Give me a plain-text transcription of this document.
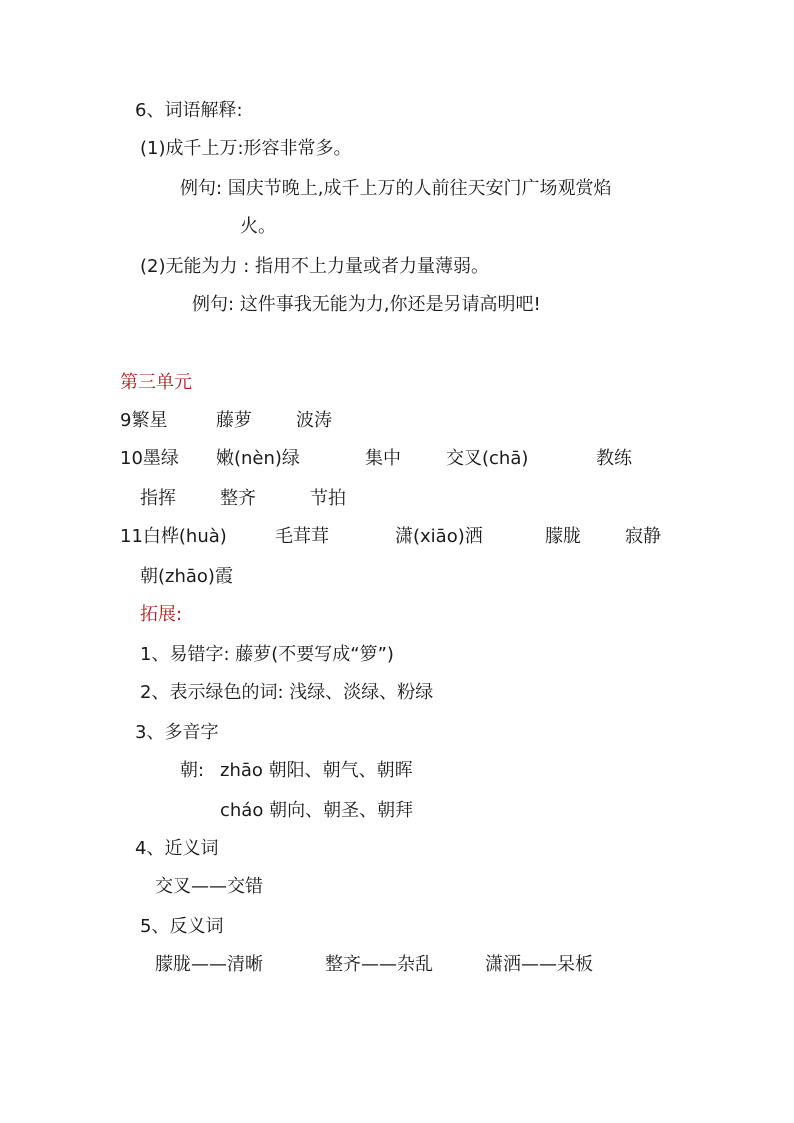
6、词语解释:
(1)成千上万:形容非常多。
例句: 国庆节晚上,成千上万的人前往天安门广场观赏焰
火。
(2)无能为力 : 指用不上力量或者力量薄弱。
例句: 这件事我无能为力,你还是另请高明吧!
第三单元
9繁星	藤萝 波涛
10墨绿 嫩(nèn)绿	集中	交叉(chā)	教练
指挥 整齐	节拍
11白桦(huà)	毛茸茸	潇(xiāo)洒	朦胧 寂静
朝(zhāo)霞
拓展:
1、易错字: 藤萝(不要写成“箩”)
2、表示绿色的词: 浅绿、淡绿、粉绿
3、多音字
朝: zhāo 朝阳、朝气、朝晖
cháo 朝向、朝圣、朝拜
4、近义词
交叉——交错
5、反义词
朦胧——清晰	整齐——杂乱	潇洒——呆板
